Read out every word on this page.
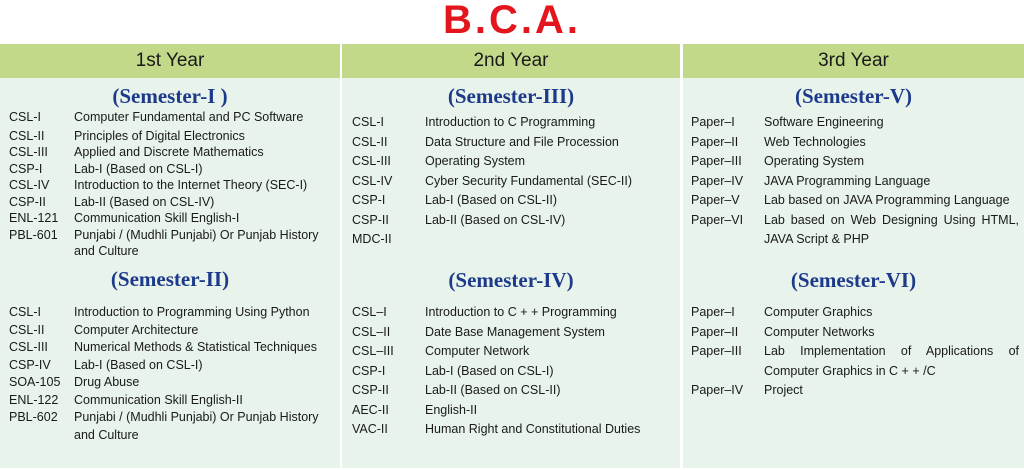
B.C.A.
1st Year
(Semester-I )
CSL-I	Computer Fundamental and PC Software
CSL-II Principles of Digital Electronics
CSL-III Applied and Discrete Mathematics
CSP-I	Lab-I (Based on CSL-I)
CSL-IV Introduction to the Internet Theory (SEC-I)
CSP-II Lab-II (Based on CSL-IV)
ENL-121 Communication Skill English-I
PBL-601 Punjabi / (Mudhli Punjabi) Or Punjab History and Culture
(Semester-II)
CSL-I	Introduction to Programming Using Python
CSL-II Computer Architecture
CSL-III Numerical Methods & Statistical Techniques
CSP-IV Lab-I (Based on CSL-I)
SOA-105 Drug Abuse
ENL-122 Communication Skill English-II
PBL-602 Punjabi / (Mudhli Punjabi) Or Punjab History and Culture
2nd Year
(Semester-III)
CSL-I	Introduction to C Programming
CSL-II	Data Structure and File Procession
CSL-III	Operating System
CSL-IV	Cyber Security Fundamental (SEC-II)
CSP-I	Lab-I (Based on CSL-II)
CSP-II	Lab-II (Based on CSL-IV)
MDC-II
(Semester-IV)
CSL–I	Introduction to C + + Programming
CSL–II	Date Base Management System
CSL–III	Computer Network
CSP-I	Lab-I (Based on CSL-I)
CSP-II	Lab-II (Based on CSL-II)
AEC-II	English-II
VAC-II	Human Right and Constitutional Duties
3rd Year
(Semester-V)
Paper–I Software Engineering
Paper–II Web Technologies
Paper–III Operating System
Paper–IV JAVA Programming Language
Paper–V Lab based on JAVA Programming Language
Paper–VI Lab based on Web Designing Using HTML, JAVA Script & PHP
(Semester-VI)
Paper–I Computer Graphics
Paper–II Computer Networks
Paper–III Lab Implementation of Applications of Computer Graphics in C + + /C
Paper–IV Project
